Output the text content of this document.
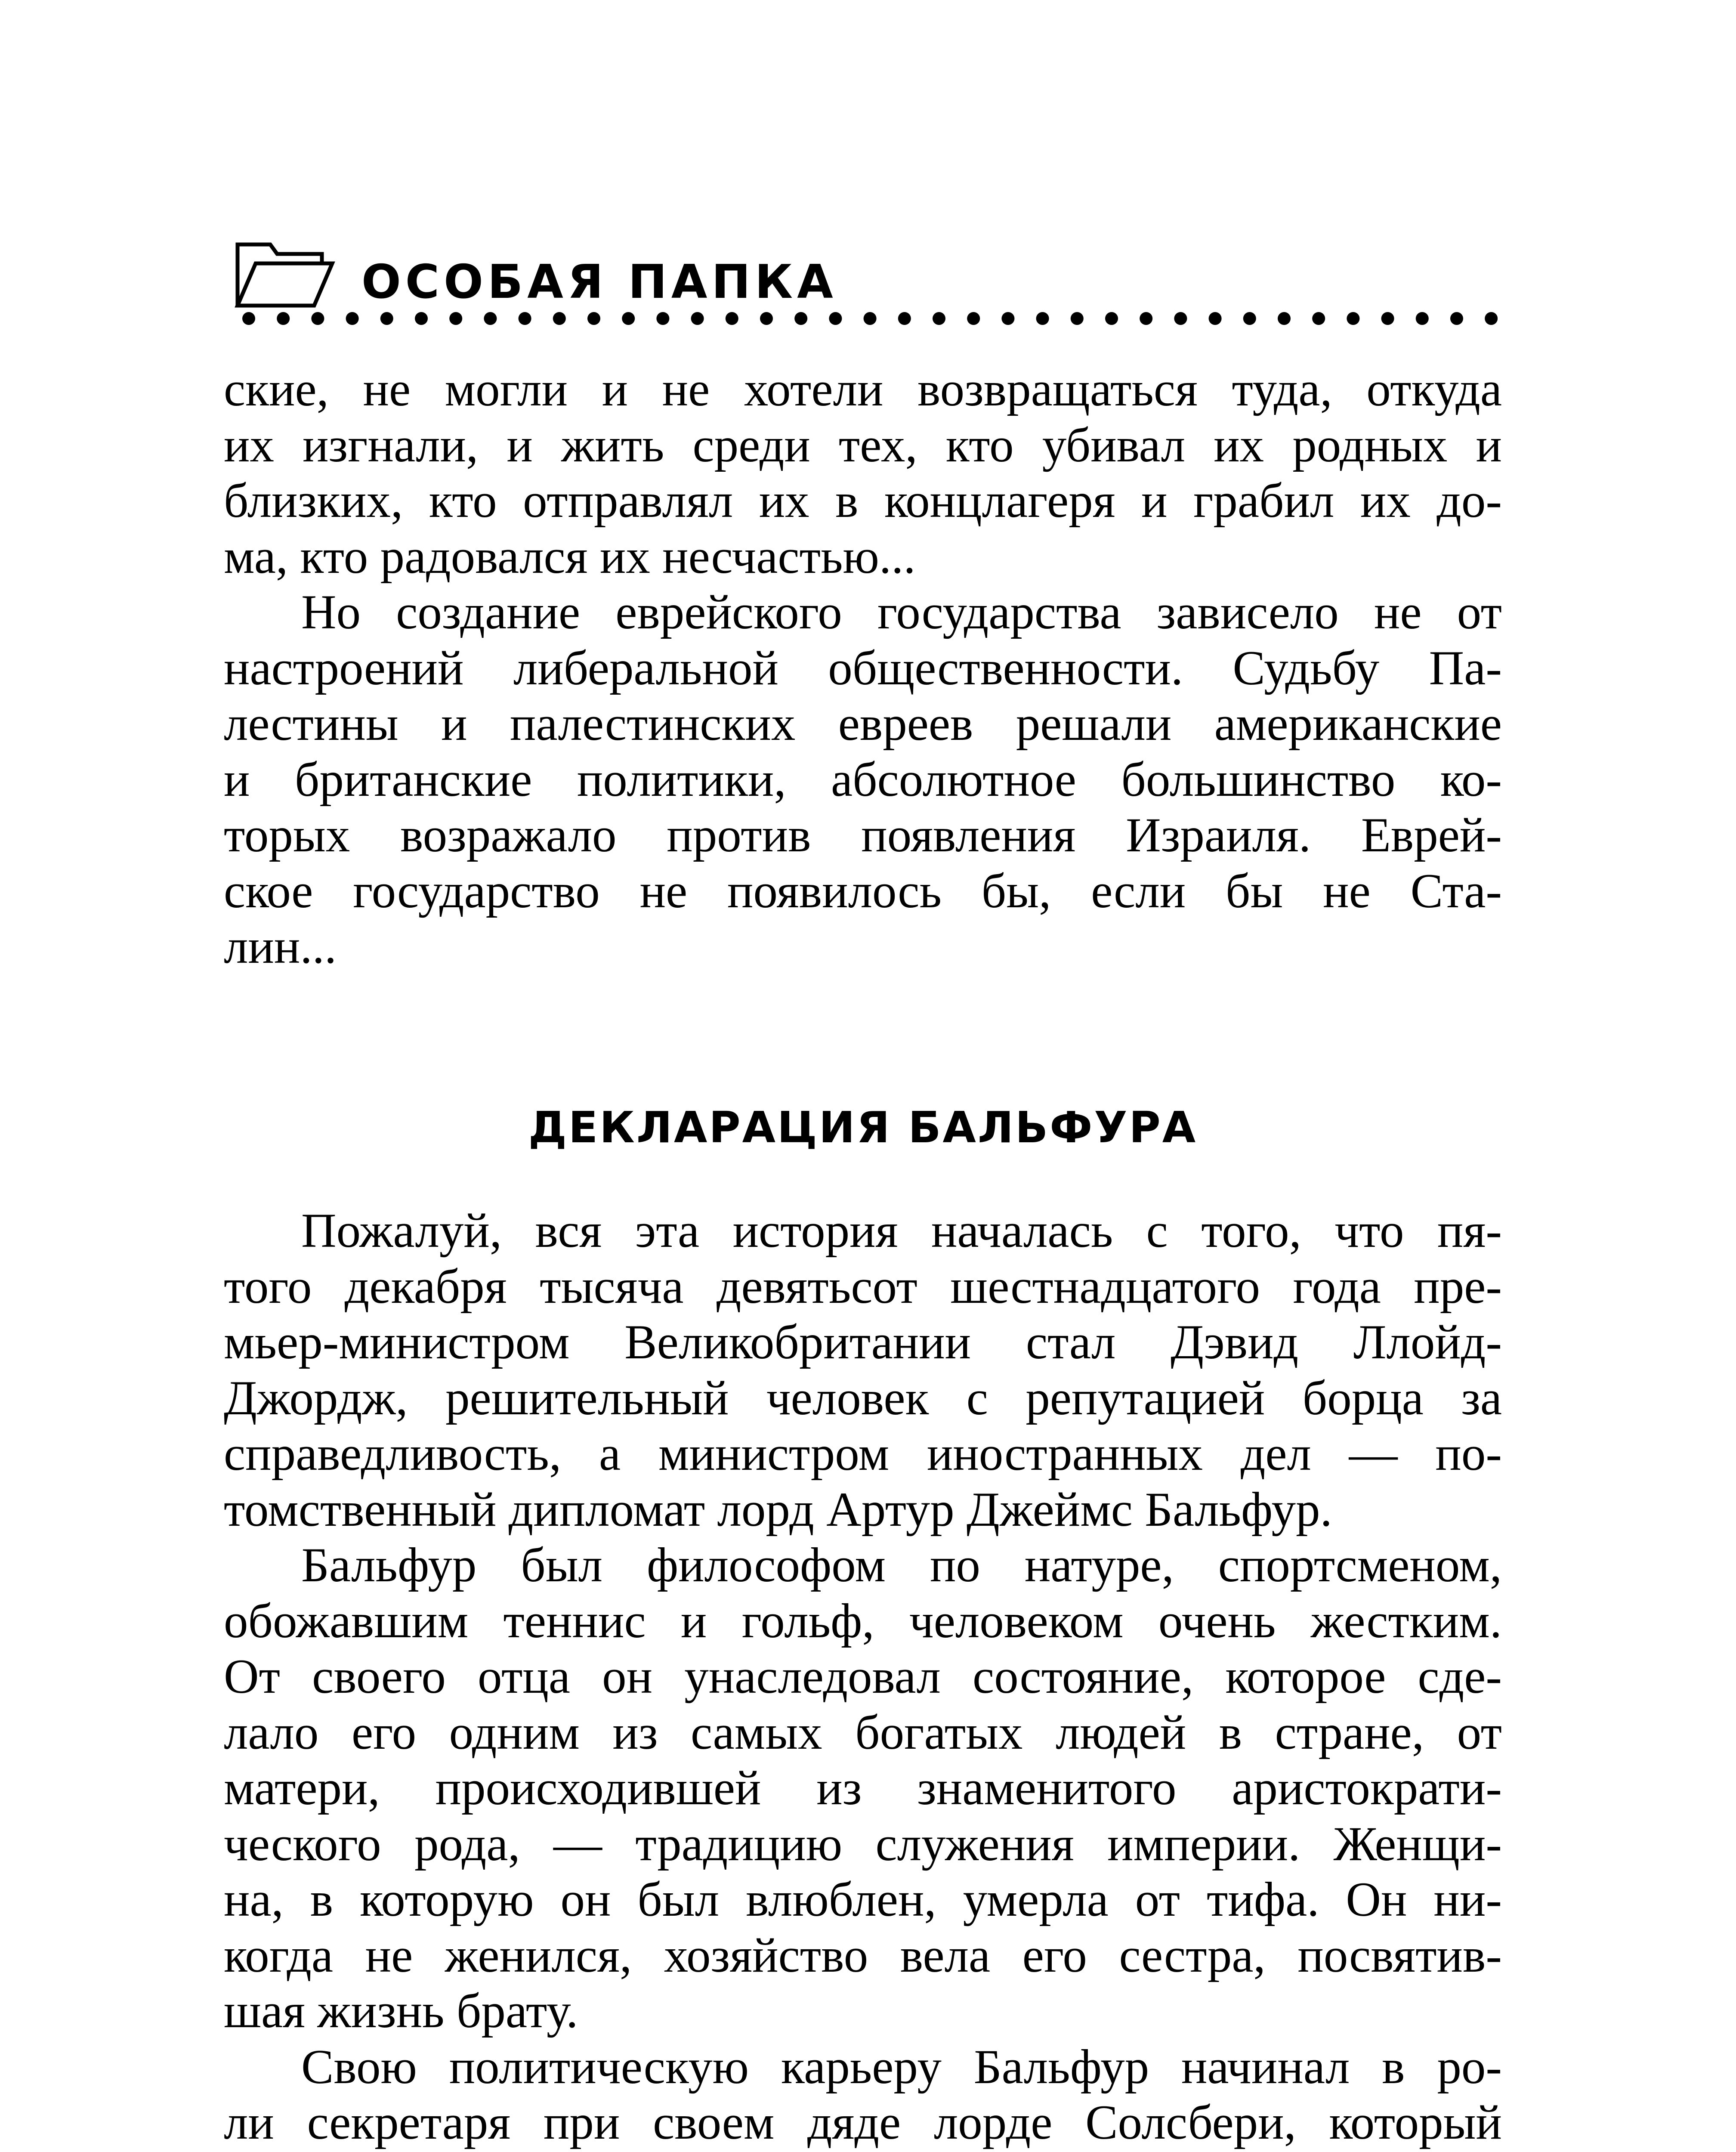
ОСОБАЯ ПАПКА
ские, не могли и не хотели возвращаться туда, откуда
их изгнали, и жить среди тех, кто убивал их родных и
близких, кто отправлял их в концлагеря и грабил их до-
ма, кто радовался их несчастью...
Но создание еврейского государства зависело не от
настроений либеральной общественности. Судьбу Па-
лестины и палестинских евреев решали американские
и британские политики, абсолютное большинство ко-
торых возражало против появления Израиля. Еврей-
ское государство не появилось бы, если бы не Ста-
лин...
ДЕКЛАРАЦИЯ БАЛЬФУРА
Пожалуй, вся эта история началась с того, что пя-
того декабря тысяча девятьсот шестнадцатого года пре-
мьер-министром Великобритании стал Дэвид Ллойд-
Джордж, решительный человек с репутацией борца за
справедливость, а министром иностранных дел — по-
томственный дипломат лорд Артур Джеймс Бальфур.
Бальфур был философом по натуре, спортсменом,
обожавшим теннис и гольф, человеком очень жестким.
От своего отца он унаследовал состояние, которое сде-
лало его одним из самых богатых людей в стране, от
матери, происходившей из знаменитого аристократи-
ческого рода, — традицию служения империи. Женщи-
на, в которую он был влюблен, умерла от тифа. Он ни-
когда не женился, хозяйство вела его сестра, посвятив-
шая жизнь брату.
Свою политическую карьеру Бальфур начинал в ро-
ли секретаря при своем дяде лорде Солсбери, который
